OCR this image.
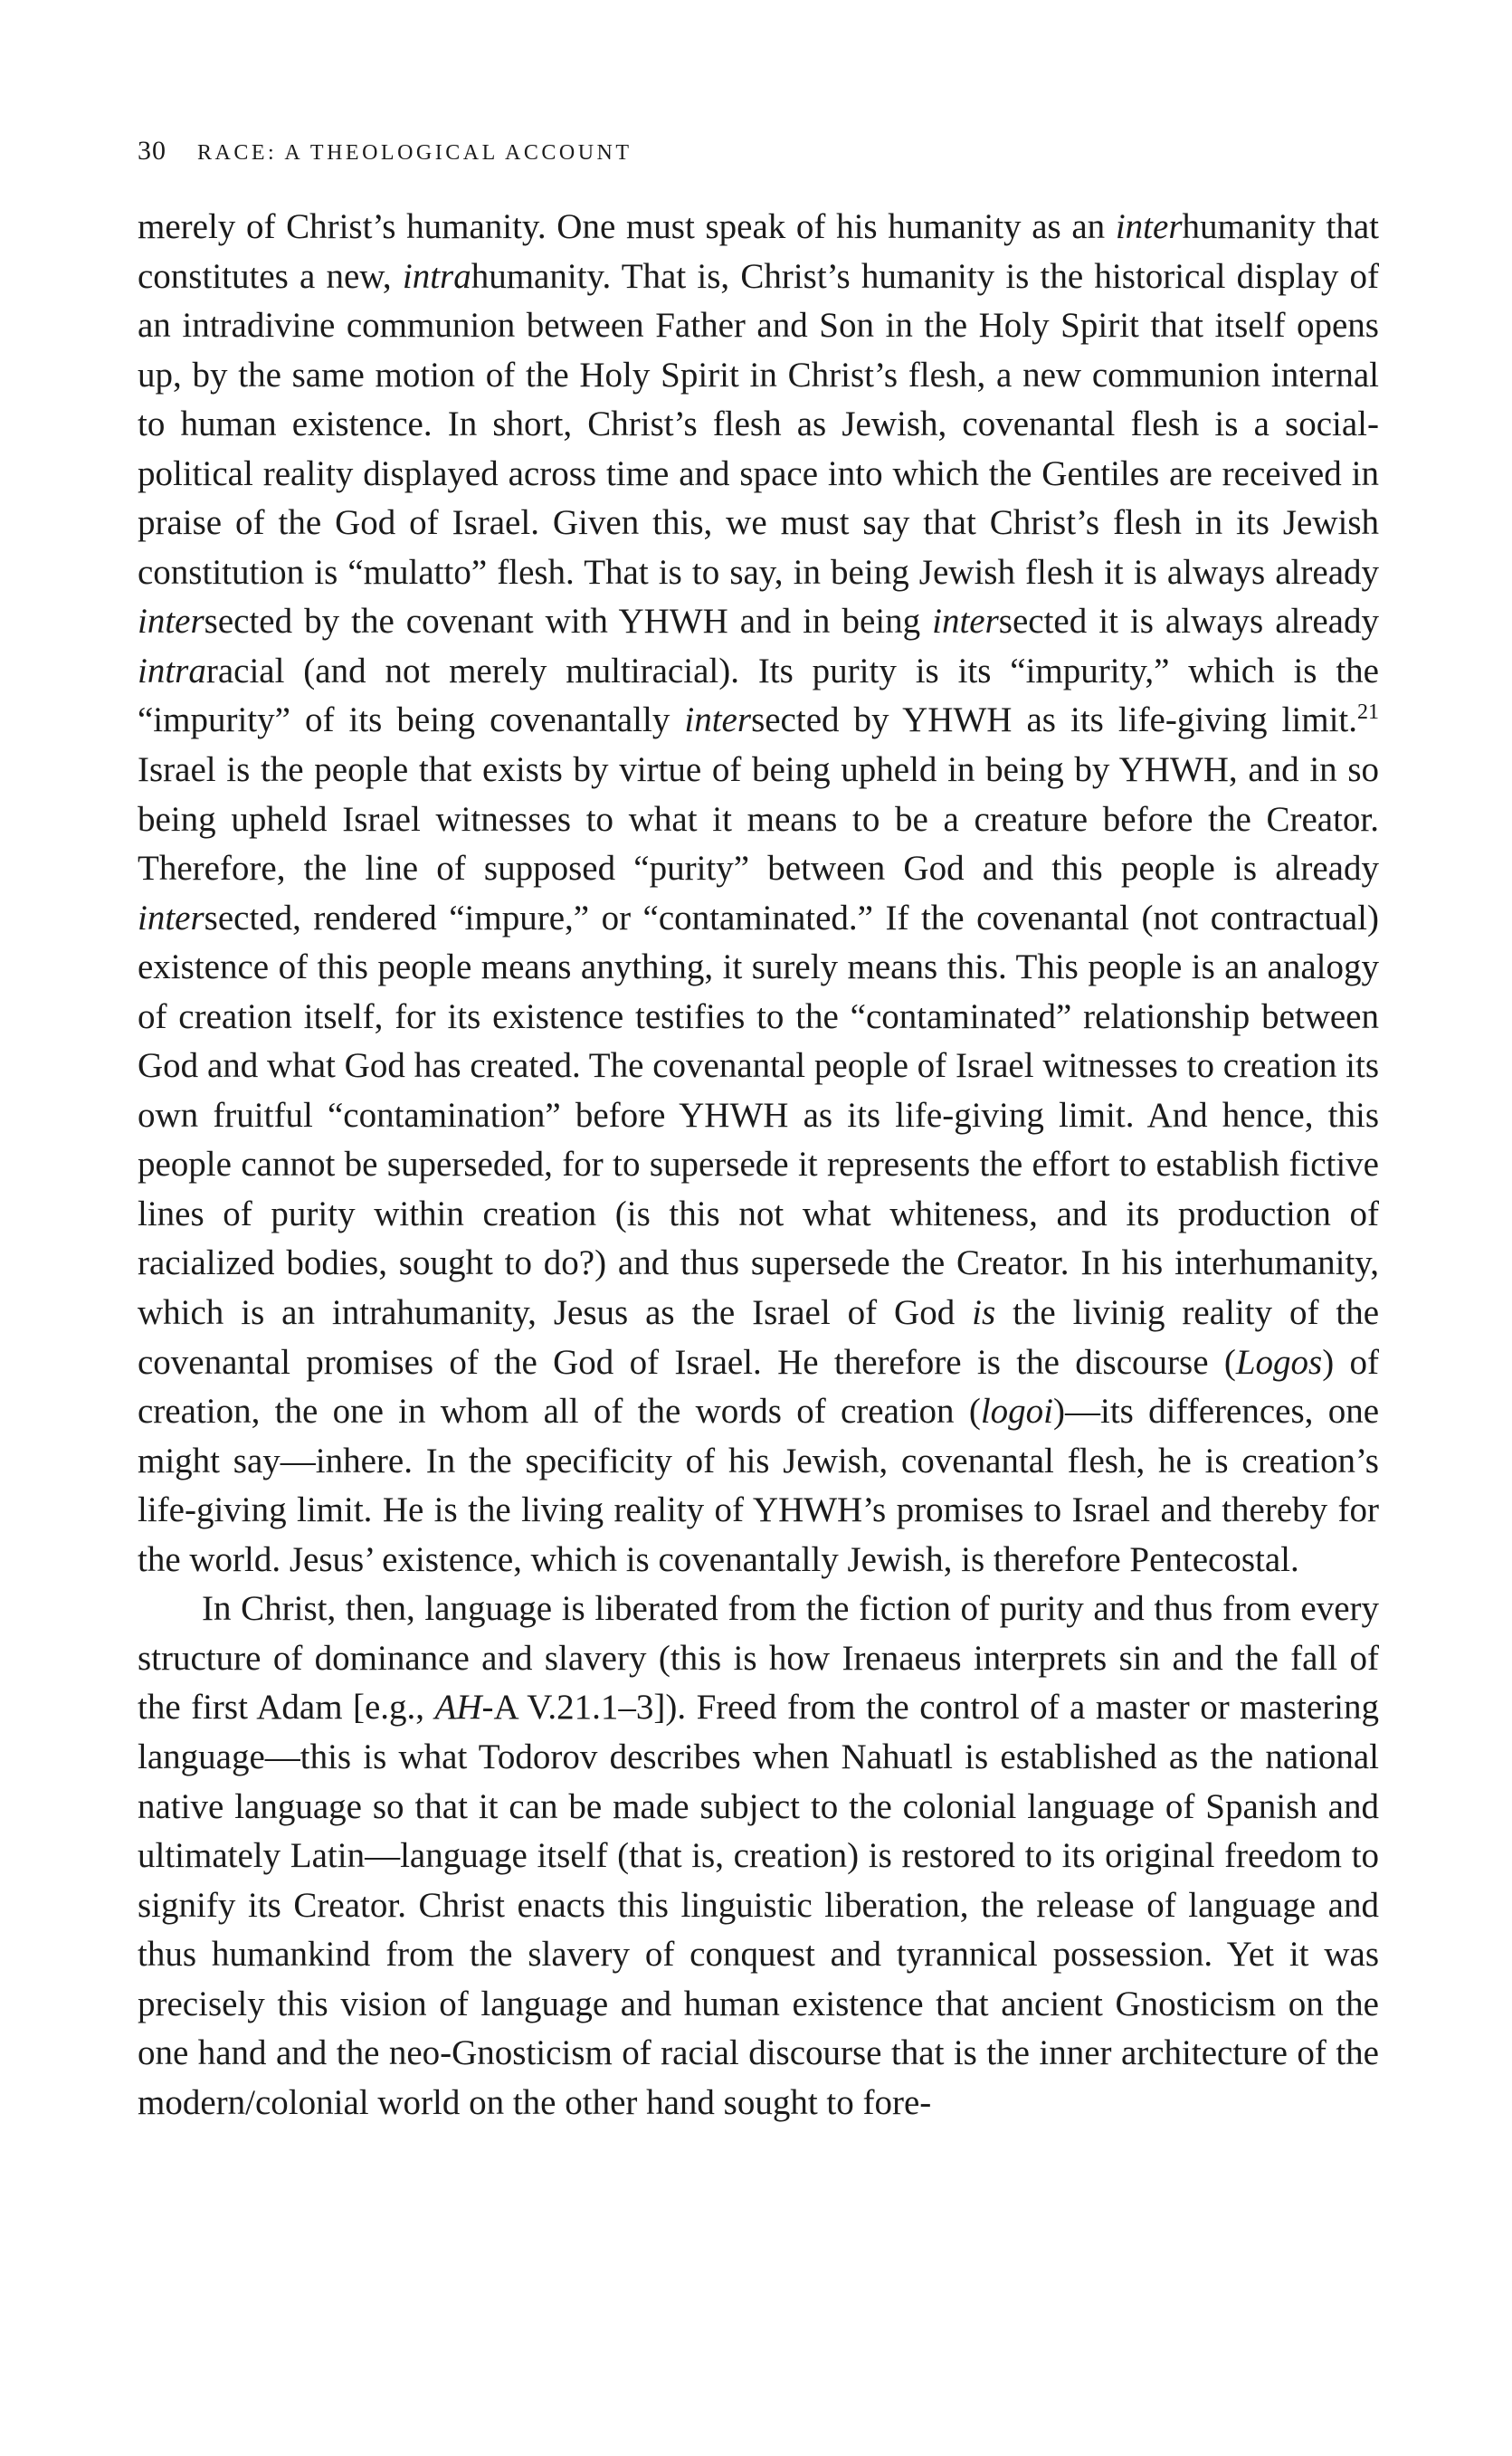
30 RACE: A THEOLOGICAL ACCOUNT

merely of Christ’s humanity. One must speak of his humanity as an interhumanity that constitutes a new, intrahumanity. That is, Christ’s humanity is the historical display of an intradivine communion between Father and Son in the Holy Spirit that itself opens up, by the same motion of the Holy Spirit in Christ’s flesh, a new communion internal to human existence. In short, Christ’s flesh as Jewish, covenantal flesh is a social-political reality displayed across time and space into which the Gentiles are received in praise of the God of Israel. Given this, we must say that Christ’s flesh in its Jewish constitution is “mulatto” flesh. That is to say, in being Jewish flesh it is always already intersected by the covenant with YHWH and in being intersected it is always already intraracial (and not merely multiracial). Its purity is its “impurity,” which is the “impurity” of its being covenantally intersected by YHWH as its life-giving limit.$^{21}$ Israel is the people that exists by virtue of being upheld in being by YHWH, and in so being upheld Israel witnesses to what it means to be a creature before the Creator. Therefore, the line of supposed “purity” between God and this people is already intersected, rendered “impure,” or “contaminated.” If the covenantal (not contractual) existence of this people means anything, it surely means this. This people is an analogy of creation itself, for its existence testifies to the “contaminated” relationship between God and what God has created. The covenantal people of Israel witnesses to creation its own fruitful “contamination” before YHWH as its life-giving limit. And hence, this people cannot be superseded, for to supersede it represents the effort to establish fictive lines of purity within creation (is this not what whiteness, and its production of racialized bodies, sought to do?) and thus supersede the Creator. In his interhumanity, which is an intrahumanity, Jesus as the Israel of God is the livinig reality of the covenantal promises of the God of Israel. He therefore is the discourse (Logos) of creation, the one in whom all of the words of creation (logoi)—its differences, one might say—inhere. In the specificity of his Jewish, covenantal flesh, he is creation’s life-giving limit. He is the living reality of YHWH’s promises to Israel and thereby for the world. Jesus’ existence, which is covenantally Jewish, is therefore Pentecostal.

In Christ, then, language is liberated from the fiction of purity and thus from every structure of dominance and slavery (this is how Irenaeus interprets sin and the fall of the first Adam [e.g., AH-A V.21.1–3]). Freed from the control of a master or mastering language—this is what Todorov describes when Nahuatl is established as the national native language so that it can be made subject to the colonial language of Spanish and ultimately Latin—language itself (that is, creation) is restored to its original freedom to signify its Creator. Christ enacts this linguistic liberation, the release of language and thus humankind from the slavery of conquest and tyrannical possession. Yet it was precisely this vision of language and human existence that ancient Gnosticism on the one hand and the neo-Gnosticism of racial discourse that is the inner architecture of the modern/colonial world on the other hand sought to fore-
